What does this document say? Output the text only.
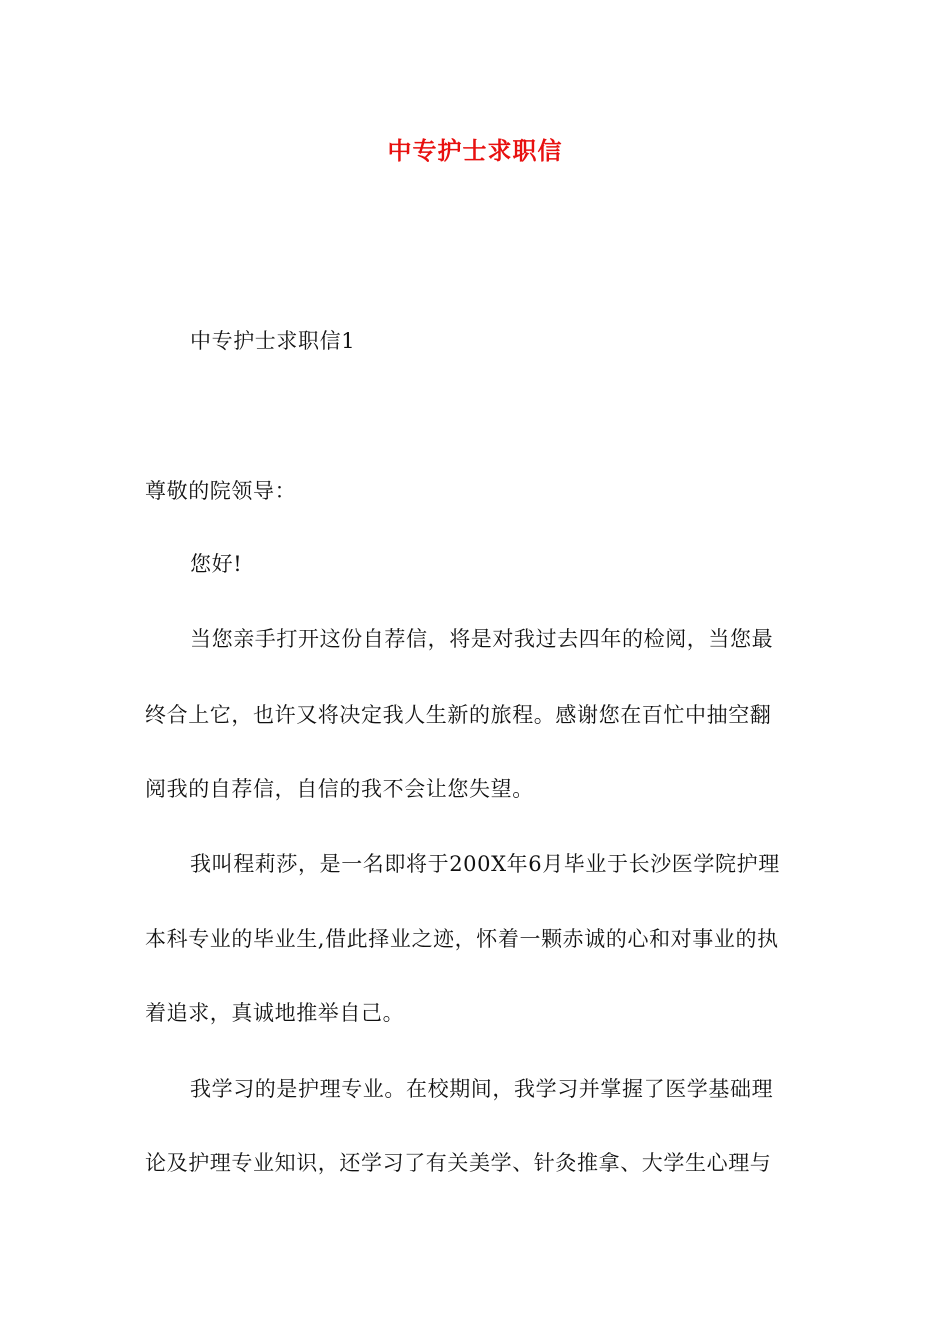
中专护士求职信
中专护士求职信1
尊敬的院领导：
您好!
当您亲手打开这份自荐信，将是对我过去四年的检阅，当您最
终合上它，也许又将决定我人生新的旅程。感谢您在百忙中抽空翻
阅我的自荐信，自信的我不会让您失望。
我叫程莉莎，是一名即将于200X年6月毕业于长沙医学院护理
本科专业的毕业生,借此择业之迹，怀着一颗赤诚的心和对事业的执
着追求，真诚地推举自己。
我学习的是护理专业。在校期间，我学习并掌握了医学基础理
论及护理专业知识，还学习了有关美学、针灸推拿、大学生心理与
